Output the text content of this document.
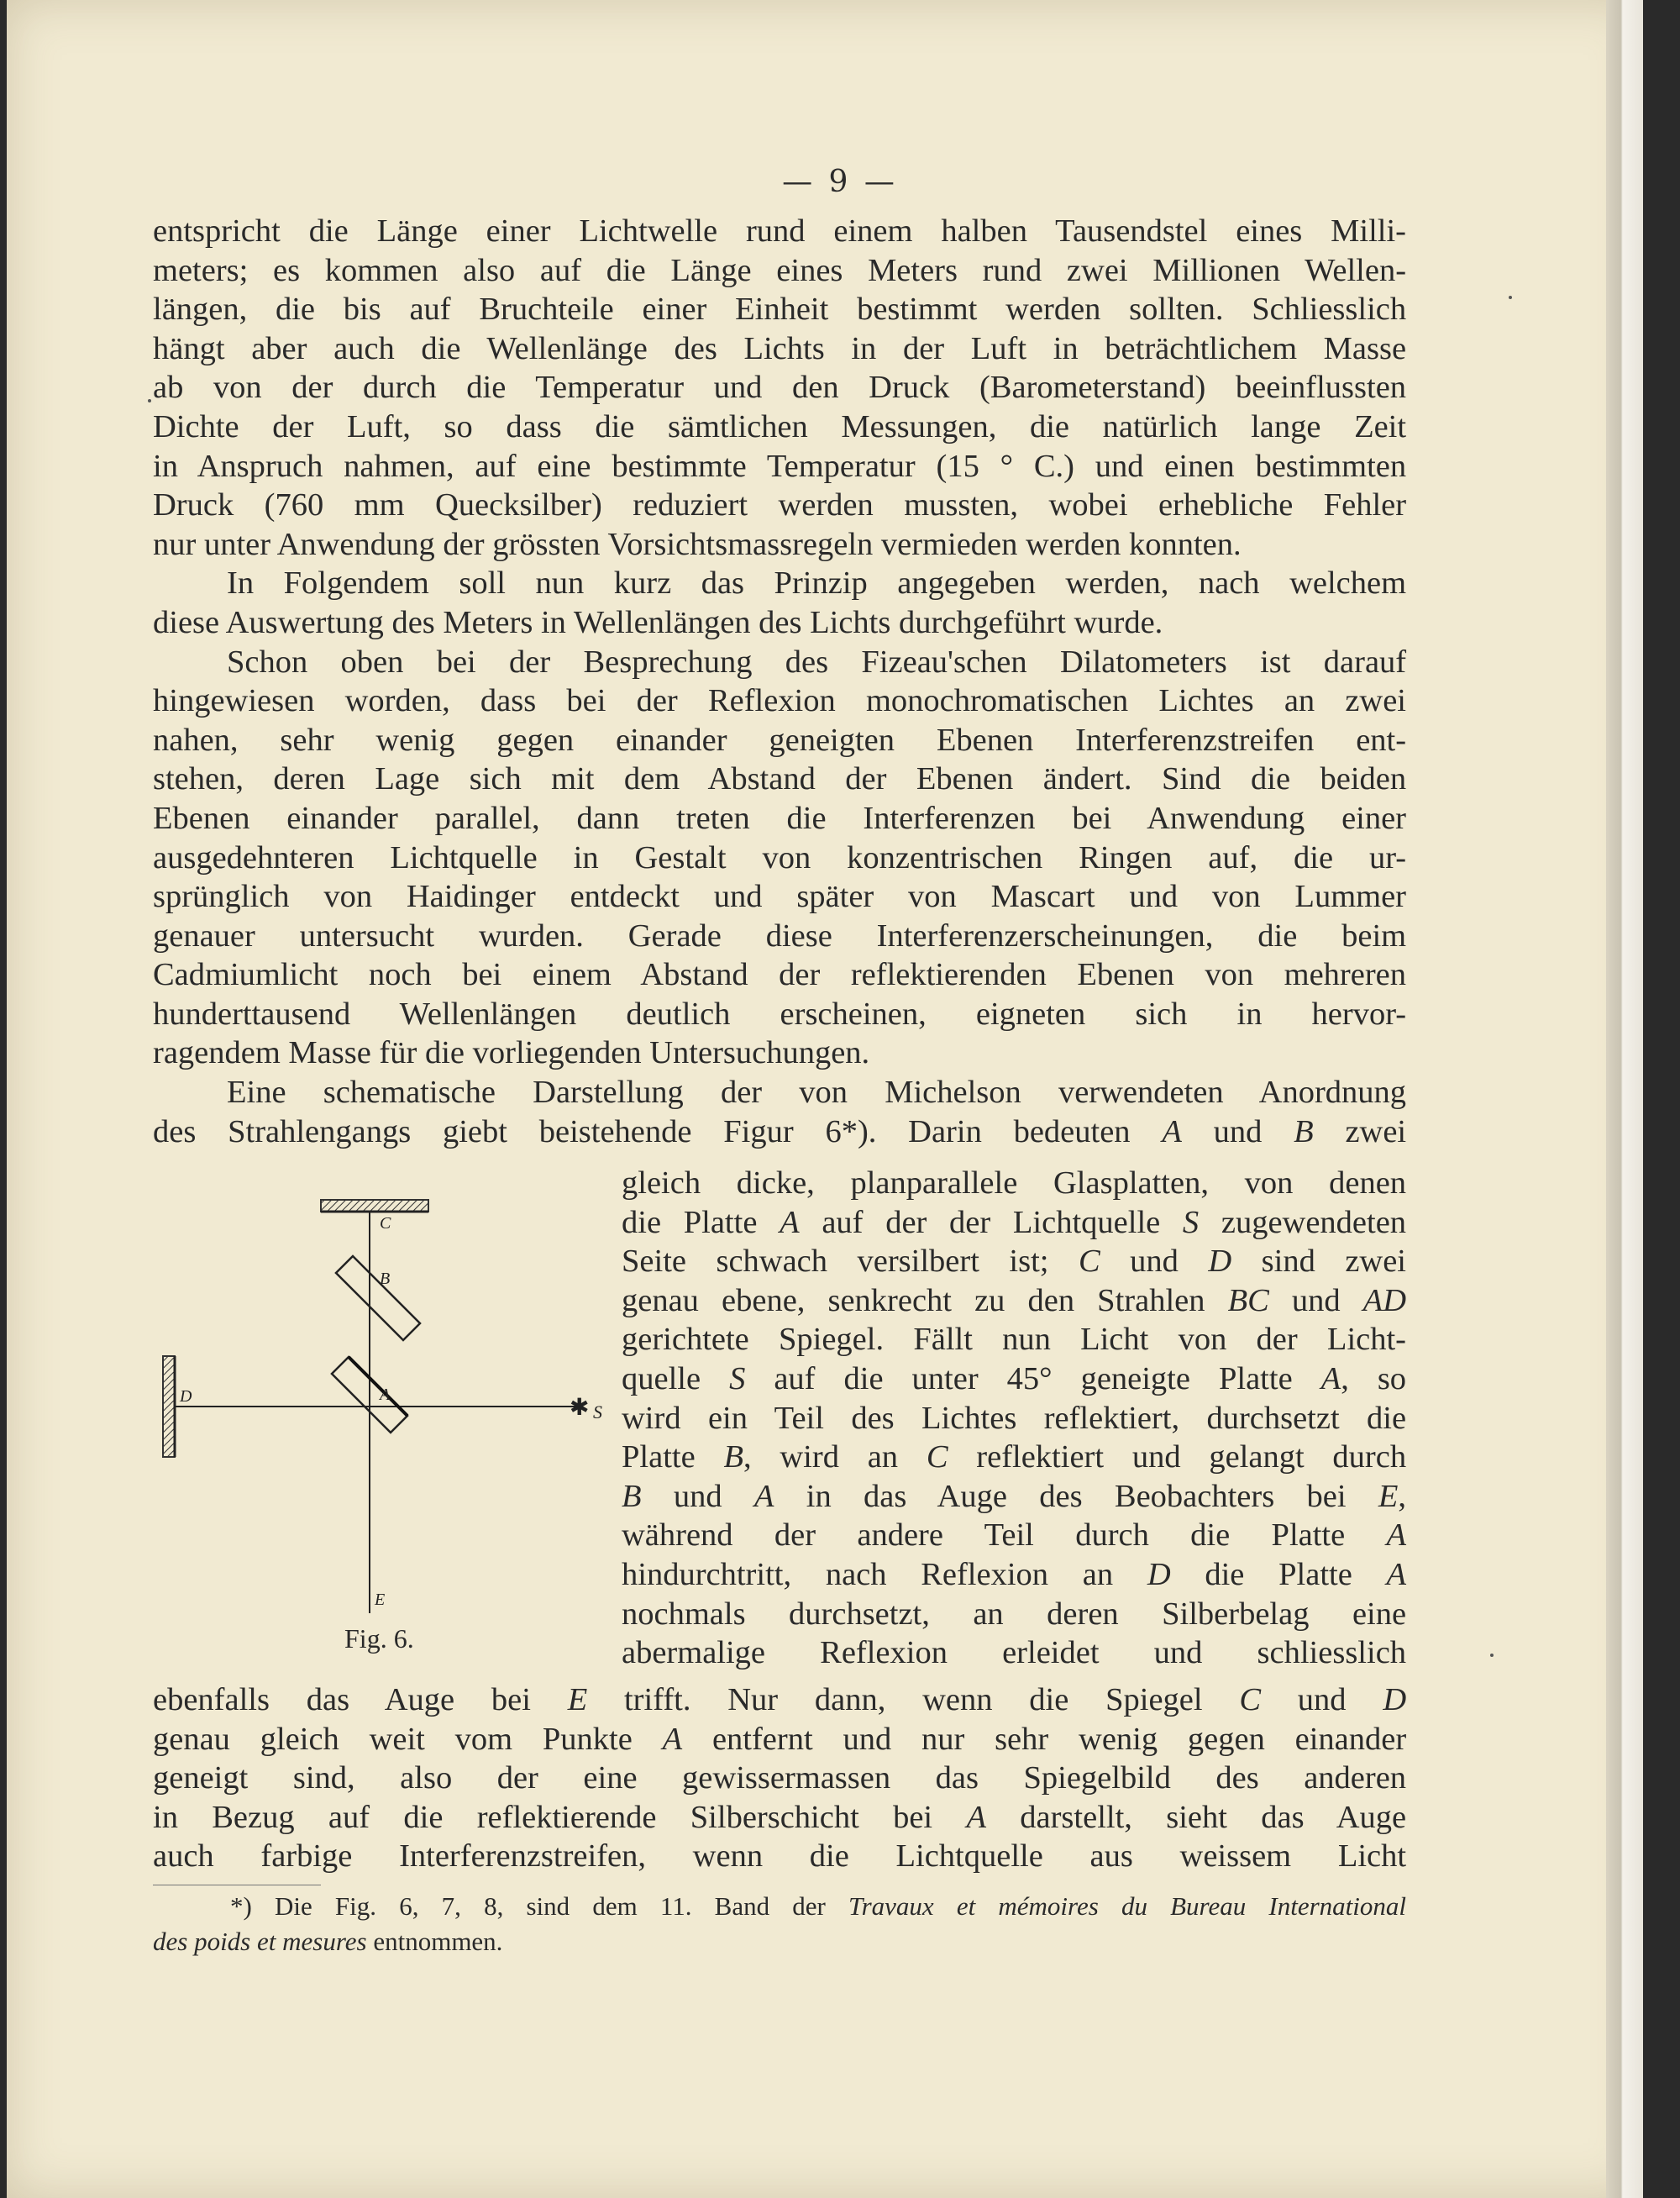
— 9 —
entspricht die Länge einer Lichtwelle rund einem halben Tausendstel eines Milli-
meters; es kommen also auf die Länge eines Meters rund zwei Millionen Wellen-
längen, die bis auf Bruchteile einer Einheit bestimmt werden sollten. Schliesslich
hängt aber auch die Wellenlänge des Lichts in der Luft in beträchtlichem Masse
ab von der durch die Temperatur und den Druck (Barometerstand) beeinflussten
Dichte der Luft, so dass die sämtlichen Messungen, die natürlich lange Zeit
in Anspruch nahmen, auf eine bestimmte Temperatur (15 ° C.) und einen bestimmten
Druck (760 mm Quecksilber) reduziert werden mussten, wobei erhebliche Fehler
nur unter Anwendung der grössten Vorsichtsmassregeln vermieden werden konnten.
In Folgendem soll nun kurz das Prinzip angegeben werden, nach welchem
diese Auswertung des Meters in Wellenlängen des Lichts durchgeführt wurde.
Schon oben bei der Besprechung des Fizeau'schen Dilatometers ist darauf
hingewiesen worden, dass bei der Reflexion monochromatischen Lichtes an zwei
nahen, sehr wenig gegen einander geneigten Ebenen Interferenzstreifen ent-
stehen, deren Lage sich mit dem Abstand der Ebenen ändert. Sind die beiden
Ebenen einander parallel, dann treten die Interferenzen bei Anwendung einer
ausgedehnteren Lichtquelle in Gestalt von konzentrischen Ringen auf, die ur-
sprünglich von Haidinger entdeckt und später von Mascart und von Lummer
genauer untersucht wurden. Gerade diese Interferenzerscheinungen, die beim
Cadmiumlicht noch bei einem Abstand der reflektierenden Ebenen von mehreren
hunderttausend Wellenlängen deutlich erscheinen, eigneten sich in hervor-
ragendem Masse für die vorliegenden Untersuchungen.
Eine schematische Darstellung der von Michelson verwendeten Anordnung
des Strahlengangs giebt beistehende Figur 6*). Darin bedeuten A und B zwei
✱
C
B
A
D
E
S
Fig. 6.
gleich dicke, planparallele Glasplatten, von denen
die Platte A auf der der Lichtquelle S zugewendeten
Seite schwach versilbert ist; C und D sind zwei
genau ebene, senkrecht zu den Strahlen BC und AD
gerichtete Spiegel. Fällt nun Licht von der Licht-
quelle S auf die unter 45° geneigte Platte A, so
wird ein Teil des Lichtes reflektiert, durchsetzt die
Platte B, wird an C reflektiert und gelangt durch
B und A in das Auge des Beobachters bei E,
während der andere Teil durch die Platte A
hindurchtritt, nach Reflexion an D die Platte A
nochmals durchsetzt, an deren Silberbelag eine
abermalige Reflexion erleidet und schliesslich
ebenfalls das Auge bei E trifft. Nur dann, wenn die Spiegel C und D
genau gleich weit vom Punkte A entfernt und nur sehr wenig gegen einander
geneigt sind, also der eine gewissermassen das Spiegelbild des anderen
in Bezug auf die reflektierende Silberschicht bei A darstellt, sieht das Auge
auch farbige Interferenzstreifen, wenn die Lichtquelle aus weissem Licht
*) Die Fig. 6, 7, 8, sind dem 11. Band der Travaux et mémoires du Bureau International
des poids et mesures entnommen.
